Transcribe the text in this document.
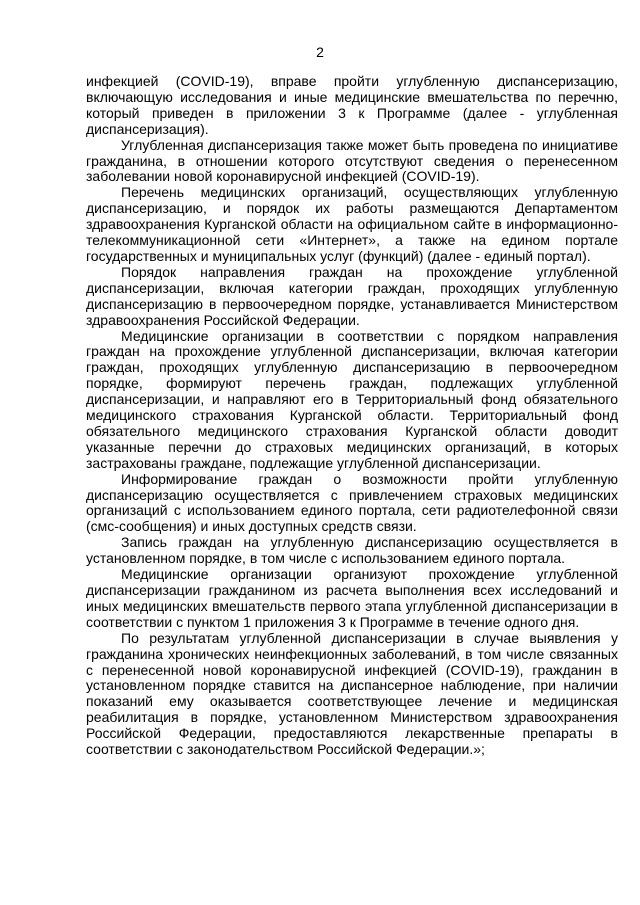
2

инфекцией (COVID-19), вправе пройти углубленную диспансеризацию, включающую исследования и иные медицинские вмешательства по перечню, который приведен в приложении 3 к Программе (далее - углубленная диспансеризация).

Углубленная диспансеризация также может быть проведена по инициативе гражданина, в отношении которого отсутствуют сведения о перенесенном заболевании новой коронавирусной инфекцией (COVID-19).

Перечень медицинских организаций, осуществляющих углубленную диспансеризацию, и порядок их работы размещаются Департаментом здравоохранения Курганской области на официальном сайте в информационно-телекоммуникационной сети «Интернет», а также на едином портале государственных и муниципальных услуг (функций) (далее - единый портал).

Порядок направления граждан на прохождение углубленной диспансеризации, включая категории граждан, проходящих углубленную диспансеризацию в первоочередном порядке, устанавливается Министерством здравоохранения Российской Федерации.

Медицинские организации в соответствии с порядком направления граждан на прохождение углубленной диспансеризации, включая категории граждан, проходящих углубленную диспансеризацию в первоочередном порядке, формируют перечень граждан, подлежащих углубленной диспансеризации, и направляют его в Территориальный фонд обязательного медицинского страхования Курганской области. Территориальный фонд обязательного медицинского страхования Курганской области доводит указанные перечни до страховых медицинских организаций, в которых застрахованы граждане, подлежащие углубленной диспансеризации.

Информирование граждан о возможности пройти углубленную диспансеризацию осуществляется с привлечением страховых медицинских организаций с использованием единого портала, сети радиотелефонной связи (смс-сообщения) и иных доступных средств связи.

Запись граждан на углубленную диспансеризацию осуществляется в установленном порядке, в том числе с использованием единого портала.

Медицинские организации организуют прохождение углубленной диспансеризации гражданином из расчета выполнения всех исследований и иных медицинских вмешательств первого этапа углубленной диспансеризации в соответствии с пунктом 1 приложения 3 к Программе в течение одного дня.

По результатам углубленной диспансеризации в случае выявления у гражданина хронических неинфекционных заболеваний, в том числе связанных с перенесенной новой коронавирусной инфекцией (COVID-19), гражданин в установленном порядке ставится на диспансерное наблюдение, при наличии показаний ему оказывается соответствующее лечение и медицинская реабилитация в порядке, установленном Министерством здравоохранения Российской Федерации, предоставляются лекарственные препараты в соответствии с законодательством Российской Федерации.»;
